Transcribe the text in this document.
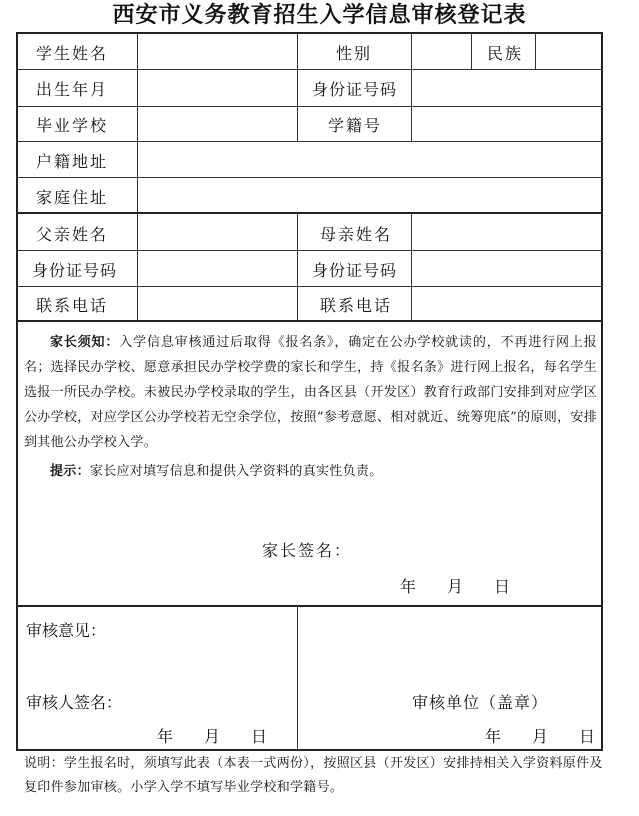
西安市义务教育招生入学信息审核登记表
学生姓名	性别	民族
出生年月	身份证号码
毕业学校	学籍号
户籍地址
家庭住址
父亲姓名	母亲姓名
身份证号码	身份证号码
联系电话	联系电话

家长须知：入学信息审核通过后取得《报名条》，确定在公办学校就读的，不再进行网上报名；选择民办学校、愿意承担民办学校学费的家长和学生，持《报名条》进行网上报名，每名学生选报一所民办学校。未被民办学校录取的学生，由各区县（开发区）教育行政部门安排到对应学区公办学校，对应学区公办学校若无空余学位，按照“参考意愿、相对就近、统筹兜底”的原则，安排到其他公办学校入学。

提示：家长应对填写信息和提供入学资料的真实性负责。

家长签名：
年 月 日
审核意见：
审核人签名：
年 月 日
审核单位（盖章）
年 月 日
说明：学生报名时，须填写此表（本表一式两份），按照区县（开发区）安排持相关入学资料原件及复印件参加审核。小学入学不填写毕业学校和学籍号。
